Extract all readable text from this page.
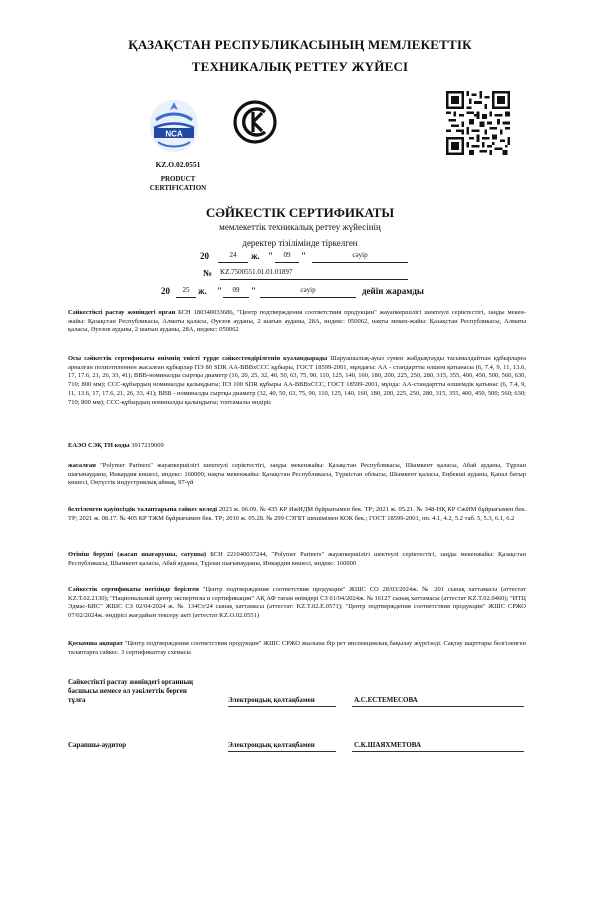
ҚАЗАҚСТАН РЕСПУБЛИКАСЫНЫҢ МЕМЛЕКЕТТІК
ТЕХНИКАЛЫҚ РЕТТЕУ ЖҮЙЕСІ
NCA
KZ.O.02.0551
PRODUCT
CERTIFICATION
СӘЙКЕСТІК СЕРТИФИКАТЫ
мемлекеттік техникалық реттеу жүйесінің
деректер тізілімінде тіркелген
20	24	ж. "	09	"	сәуір
№ KZ.7500551.01.01.01897
20	25 ж. "	09	"	сәуір	дейін жарамды
Сәйкестікті растау жөніндегі орган БСН 180340033686, "Центр подтверждения соответствия продукции" жауапкершілігі шектеулі серіктестігі, заңды мекен-жайы: Қазақстан Республикасы, Алматы қаласы, Әуезов ауданы, 2 шағын ауданы, 28А, индекс: 050062, нақты мекен-жайы: Қазақстан Республикасы, Алматы қаласы, Әуезов ауданы, 2 шағын ауданы, 28А, индекс: 050062
Осы сәйкестік сертификаты өнімнің тиісті түрде сәйкестендірілгенін куәландырады Шаруашылық-ауыз сумен жабдықтауды тасымалдайтын құбырларға арналған полиэтиленнен жасалған құбырлар ПЭ 80 SDR АА-ВВВхССС құбыры, ГОСТ 18599-2001, мұндағы: АА - стандартты өлшем қатынасы (6, 7.4, 9, 11, 13.6, 17, 17.6, 21, 26, 33, 41); ВВВ-номиналды сыртқы диаметр (16, 20, 25, 32, 40, 50, 63, 75, 90, 110, 125, 140, 160, 180, 200, 225, 250, 280, 315, 355, 400, 450, 500, 560, 630, 710; 800 мм); ССС-құбырдың номиналды қалыңдығы; ПЭ 100 SDR құбыры АА-ВВВхССС, ГОСТ 18599-2001, мұнда: АА-стандартты өлшемдік қатынас (6, 7.4, 9, 11, 13.6, 17, 17.6, 21, 26, 33, 41); ВВВ - номиналды сыртқы диаметр (32, 40, 50, 63, 75, 90, 110, 125, 140, 160, 180, 200, 225, 250, 280, 315, 355, 400, 450, 500; 560; 630; 710; 800 мм); ССС-құбырдың номиналды қалыңдығы; топтамалы өндіріс
ЕАЭО СЭҚ ТН коды 3917219009
жасалған "Polymer Partners" жауапкершілігі шектеулі серіктестігі, заңды мекенжайы: Қазақстан Республикасы, Шымкент қаласы, Абай ауданы, Тұрлан шағынауданы, Инкардия көшесі, индекс: 160000; нақты мекенжайы: Қазақстан Республикасы, Түркістан облысы, Шымкент қаласы, Еңбекші ауданы, Қапал батыр көшесі, Оңтүстік индустриялық аймақ, 97-үй
белгіленген қауіпсіздік талаптарына сәйкес келеді 2023 ж. 06.09. № 435 КР ИжИДМ бұйрығымен бек. ТР; 2021 ж. 05.21. № 348-НҚ КР СжИМ бұйрығымен бек. ТР; 2021 ж. 08.17. № 405 КР ТЖМ бұйрығымен бек. ТР; 2010 ж. 05.28. № 299 СЭГБТ шешімімен КОК бек.; ГОСТ 18599-2001, пп. 4.1, 4.2, 5.2 таб. 5, 5.3, 6.1, 6.2
Өтініш беруші (жасап шығарушы, сатушы) БСН 221040037244, "Polymer Partners" жауапкершілігі шектеулі серіктестігі, заңды мекенжайы: Қазақстан Республикасы, Шымкент қаласы, Абай ауданы, Тұрлан шағынауданы, Инкардия көшесі, индекс: 160000
Сәйкестік сертификаты негізінде берілген "Центр подтверждения соответствия продукции" ЖШС СО 28/03/2024ж. № 201 сынақ хаттамасы (аттестат KZ.T.02.2130); "Национальный центр экспертизы и сертификации" АҚ АФ тағам өнімдері СЗ 01/04/2024ж. № 16127 сынақ хаттамасы (аттестат KZ.T.02.0460); "ИТЦ Эдмас-БИС" ЖШС СЗ 02/04/2024 ж. № 134Ст/24 сынақ хаттамасы (аттестат: KZ.T.02.E.0571); "Центр подтверждения соответствия продукции" ЖШС СРЖО 07/02/2024ж. өндірісі жағдайын тексеру акті (аттестат KZ.O.02.0551)
Қосымша ақпарат "Центр подтверждения соответствия продукции" ЖШС СРЖО жылына бір рет инспекциялық бақылау жүргізеді. Сақтау шарттары белгіленген талаптарға сәйкес. 3 сертификаттау схемасы
Сәйкестікті растау жөніндегі органның басшысы немесе ол уәкілеттік берген тұлға	Электрондық қолтаңбамен	А.С.ЕСТЕМЕСОВА
Сарапшы-аудитор	Электрондық қолтаңбамен	С.К.ШАЯХМЕТОВА
